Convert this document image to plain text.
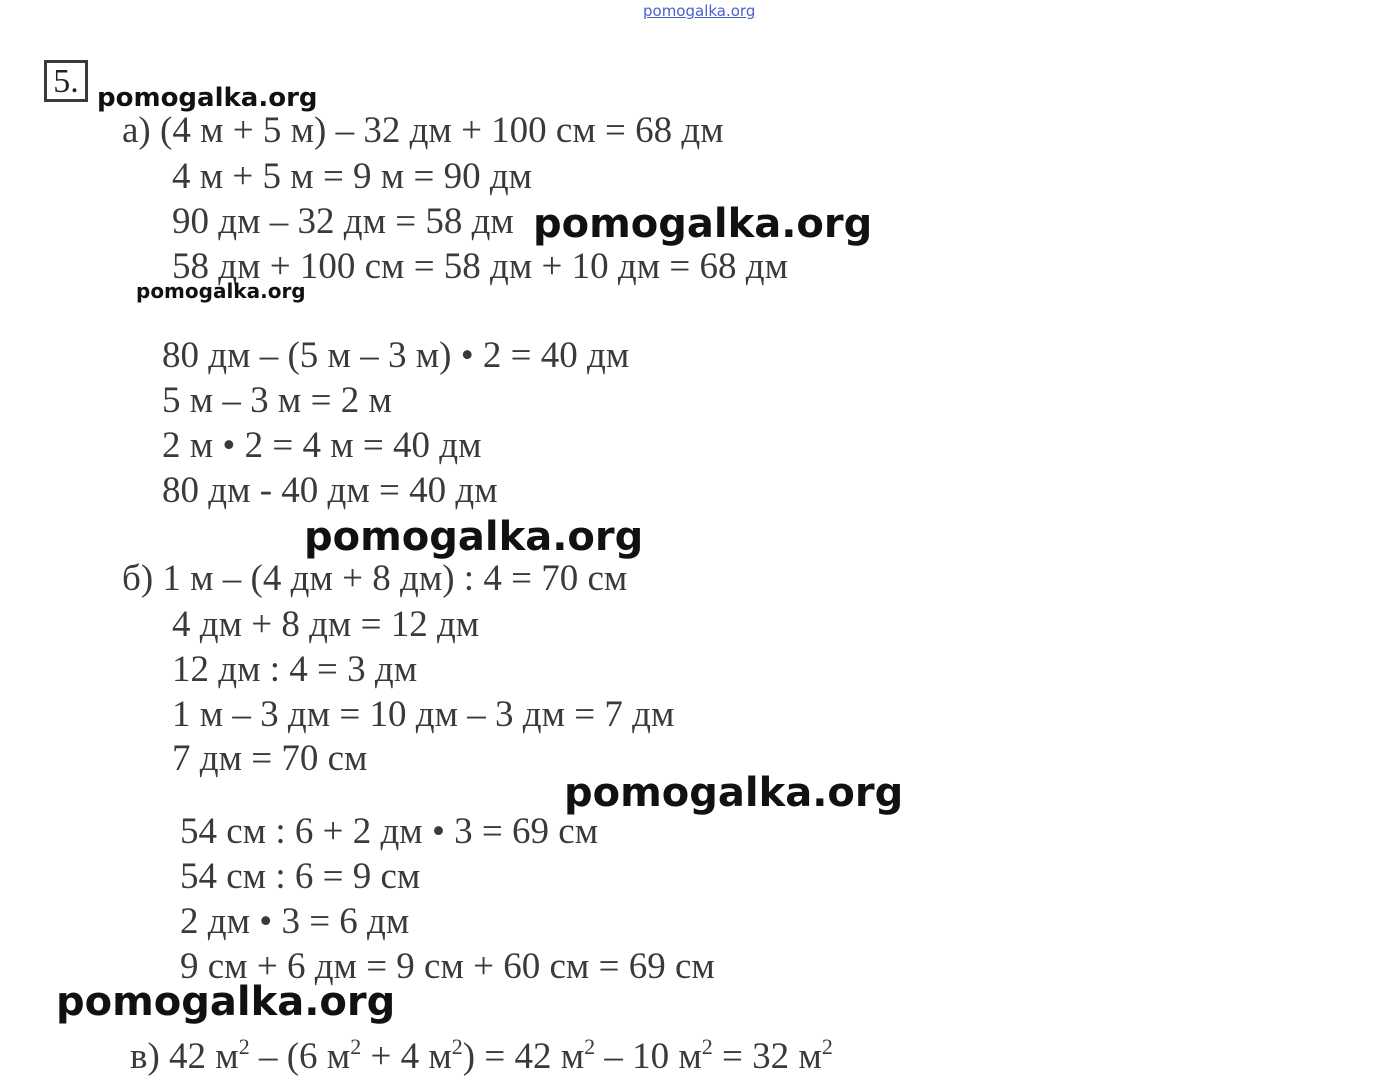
pomogalka.org
5. pomogalka.org
а) (4 м + 5 м) – 32 дм + 100 см = 68 дм
4 м + 5 м = 9 м = 90 дм
90 дм – 32 дм = 58 дм pomogalka.org
58 дм + 100 см = 58 дм + 10 дм = 68 дм
pomogalka.org
80 дм – (5 м – 3 м) • 2 = 40 дм
5 м – 3 м = 2 м
2 м • 2 = 4 м = 40 дм
80 дм - 40 дм = 40 дм
pomogalka.org
б) 1 м – (4 дм + 8 дм) : 4 = 70 см
4 дм + 8 дм = 12 дм
12 дм : 4 = 3 дм
1 м – 3 дм = 10 дм – 3 дм = 7 дм
7 дм = 70 см
pomogalka.org
54 см : 6 + 2 дм • 3 = 69 см
54 см : 6 = 9 см
2 дм • 3 = 6 дм
9 см + 6 дм = 9 см + 60 см = 69 см
pomogalka.org
в) 42 $м^2 - (6$ $м^2 + 4$ $м^2) = 42$ $м^2 - 10$ $м^2 = 32$ $м^2$
